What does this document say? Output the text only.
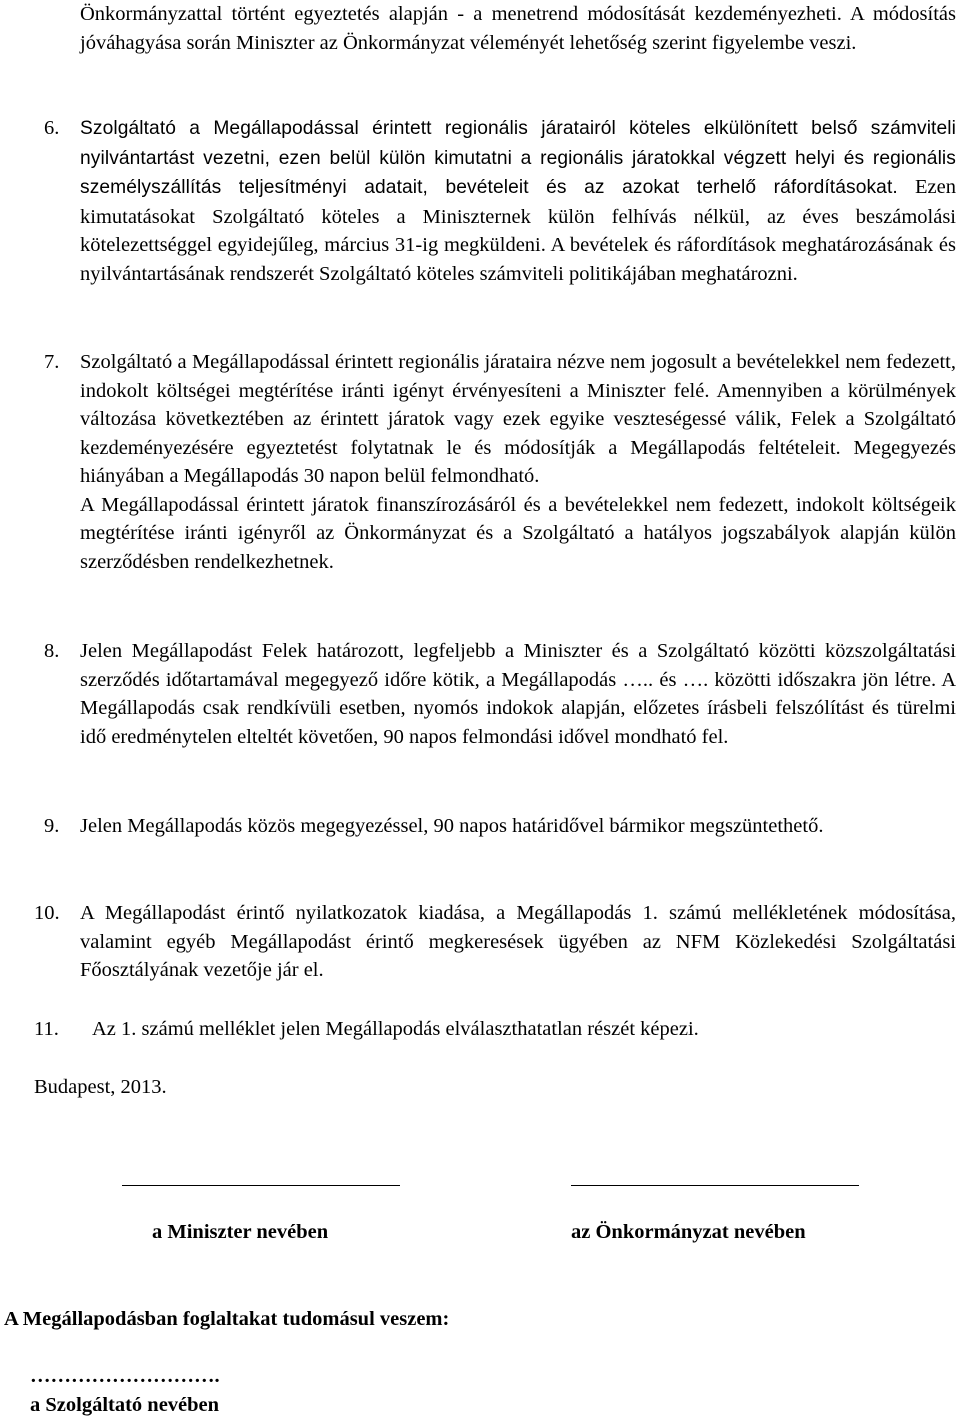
Önkormányzattal történt egyeztetés alapján - a menetrend módosítását kezdeményezheti. A módosítás jóváhagyása során Miniszter az Önkormányzat véleményét lehetőség szerint figyelembe veszi.
6. Szolgáltató a Megállapodással érintett regionális járatairól köteles elkülönített belső számviteli nyilvántartást vezetni, ezen belül külön kimutatni a regionális járatokkal végzett helyi és regionális személyszállítás teljesítményi adatait, bevételeit és az azokat terhelő ráfordításokat. Ezen kimutatásokat Szolgáltató köteles a Miniszternek külön felhívás nélkül, az éves beszámolási kötelezettséggel egyidejűleg, március 31-ig megküldeni. A bevételek és ráfordítások meghatározásának és nyilvántartásának rendszerét Szolgáltató köteles számviteli politikájában meghatározni.

7. Szolgáltató a Megállapodással érintett regionális járataira nézve nem jogosult a bevételekkel nem fedezett, indokolt költségei megtérítése iránti igényt érvényesíteni a Miniszter felé. Amennyiben a körülmények változása következtében az érintett járatok vagy ezek egyike veszteségessé válik, Felek a Szolgáltató kezdeményezésére egyeztetést folytatnak le és módosítják a Megállapodás feltételeit. Megegyezés hiányában a Megállapodás 30 napon belül felmondható.

A Megállapodással érintett járatok finanszírozásáról és a bevételekkel nem fedezett, indokolt költségeik megtérítése iránti igényről az Önkormányzat és a Szolgáltató a hatályos jogszabályok alapján külön szerződésben rendelkezhetnek.

8. Jelen Megállapodást Felek határozott, legfeljebb a Miniszter és a Szolgáltató közötti közszolgáltatási szerződés időtartamával megegyező időre kötik, a Megállapodás ….. és …. közötti időszakra jön létre. A Megállapodás csak rendkívüli esetben, nyomós indokok alapján, előzetes írásbeli felszólítást és türelmi idő eredménytelen elteltét követően, 90 napos felmondási idővel mondható fel.

9. Jelen Megállapodás közös megegyezéssel, 90 napos határidővel bármikor megszüntethető.

10. A Megállapodást érintő nyilatkozatok kiadása, a Megállapodás 1. számú mellékletének módosítása, valamint egyéb Megállapodást érintő megkeresések ügyében az NFM Közlekedési Szolgáltatási Főosztályának vezetője jár el.

11. Az 1. számú melléklet jelen Megállapodás elválaszthatatlan részét képezi.
Budapest, 2013.
a Miniszter nevében	az Önkormányzat nevében
A Megállapodásban foglaltakat tudomásul veszem:
……………………….
a Szolgáltató nevében
